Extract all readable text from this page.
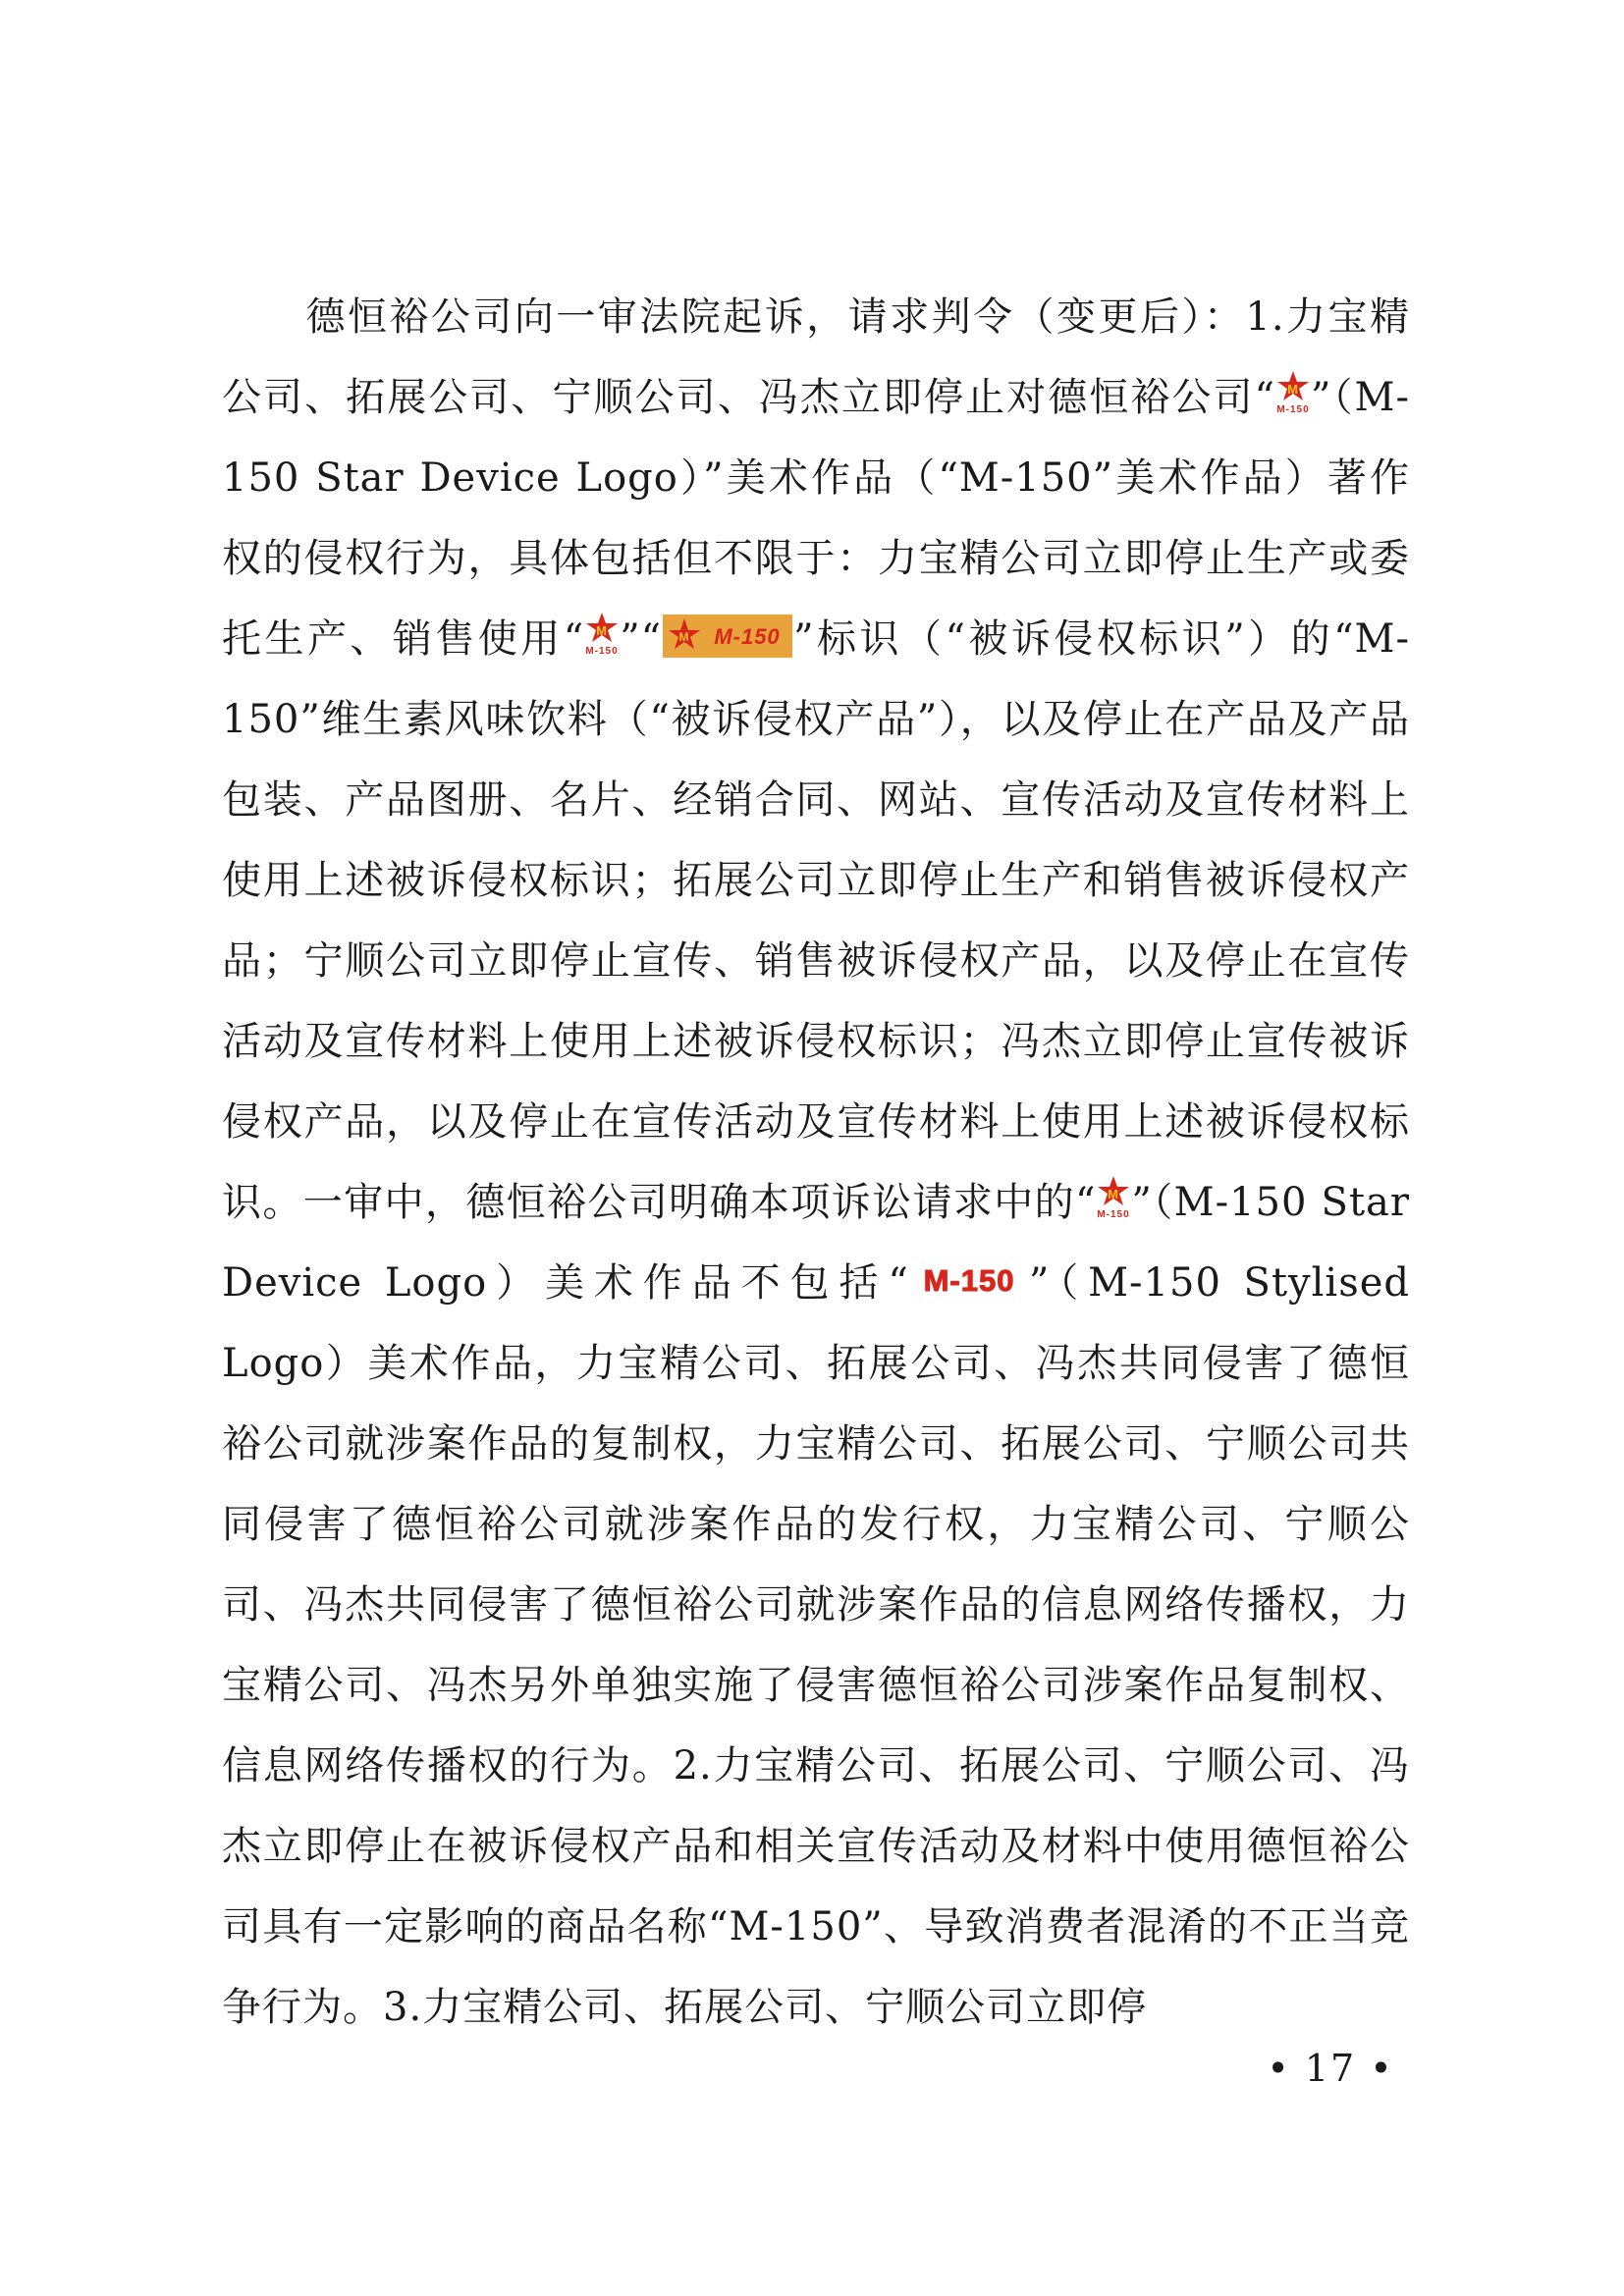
德恒裕公司向一审法院起诉，请求判令（变更后）：1.力宝精公司、拓展公司、宁顺公司、冯杰立即停止对德恒裕公司“ M
M-150 ”（M-150 Star Device Logo）”美术作品（“M-150”美术作品）著作权的侵权行为，具体包括但不限于：力宝精公司立即停止生产或委托生产、销售使用“ M
M-150 ”“ M M-150 ”标识（“被诉侵权标识”）的“M-150”维生素风味饮料（“被诉侵权产品”），以及停止在产品及产品包装、产品图册、名片、经销合同、网站、宣传活动及宣传材料上使用上述被诉侵权标识；拓展公司立即停止生产和销售被诉侵权产品；宁顺公司立即停止宣传、销售被诉侵权产品，以及停止在宣传活动及宣传材料上使用上述被诉侵权标识；冯杰立即停止宣传被诉侵权产品，以及停止在宣传活动及宣传材料上使用上述被诉侵权标识。一审中，德恒裕公司明确本项诉讼请求中的“ M
M-150 ”（M-150 Star Device Logo）美术作品不包括“ M-150 ”（M-150 Stylised Logo）美术作品，力宝精公司、拓展公司、冯杰共同侵害了德恒裕公司就涉案作品的复制权，力宝精公司、拓展公司、宁顺公司共同侵害了德恒裕公司就涉案作品的发行权，力宝精公司、宁顺公司、冯杰共同侵害了德恒裕公司就涉案作品的信息网络传播权，力宝精公司、冯杰另外单独实施了侵害德恒裕公司涉案作品复制权、信息网络传播权的行为。2.力宝精公司、拓展公司、宁顺公司、冯杰立即停止在被诉侵权产品和相关宣传活动及材料中使用德恒裕公司具有一定影响的商品名称“M-150”、导致消费者混淆的不正当竞争行为。3.力宝精公司、拓展公司、宁顺公司立即停

• 17 •
